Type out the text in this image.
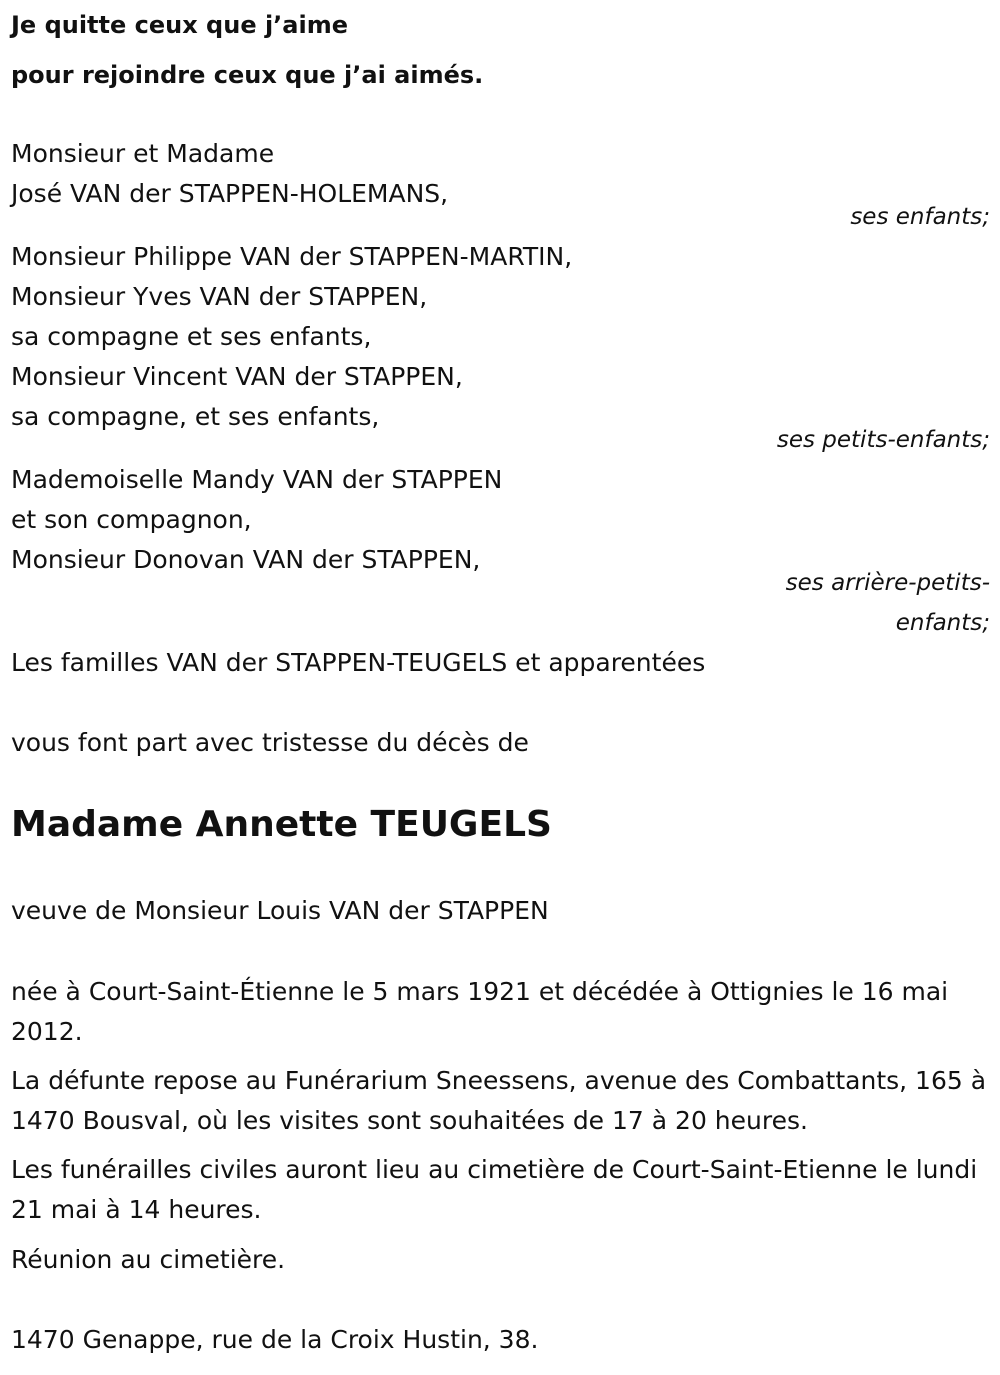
Je quitte ceux que j’aime

pour rejoindre ceux que j’ai aimés.

Monsieur et Madame

José VAN der STAPPEN-HOLEMANS,

ses enfants;

Monsieur Philippe VAN der STAPPEN-MARTIN,

Monsieur Yves VAN der STAPPEN,

sa compagne et ses enfants,

Monsieur Vincent VAN der STAPPEN,

sa compagne, et ses enfants,

ses petits-enfants;

Mademoiselle Mandy VAN der STAPPEN

et son compagnon,

Monsieur Donovan VAN der STAPPEN,

ses arrière-petits-

enfants;

Les familles VAN der STAPPEN-TEUGELS et apparentées

vous font part avec tristesse du décès de

Madame Annette TEUGELS

veuve de Monsieur Louis VAN der STAPPEN

née à Court-Saint-Étienne le 5 mars 1921 et décédée à Ottignies le 16 mai 2012.

La défunte repose au Funérarium Sneessens, avenue des Combattants, 165 à 1470 Bousval, où les visites sont souhaitées de 17 à 20 heures.

Les funérailles civiles auront lieu au cimetière de Court-Saint-Etienne le lundi 21 mai à 14 heures.

Réunion au cimetière.

1470 Genappe, rue de la Croix Hustin, 38.
